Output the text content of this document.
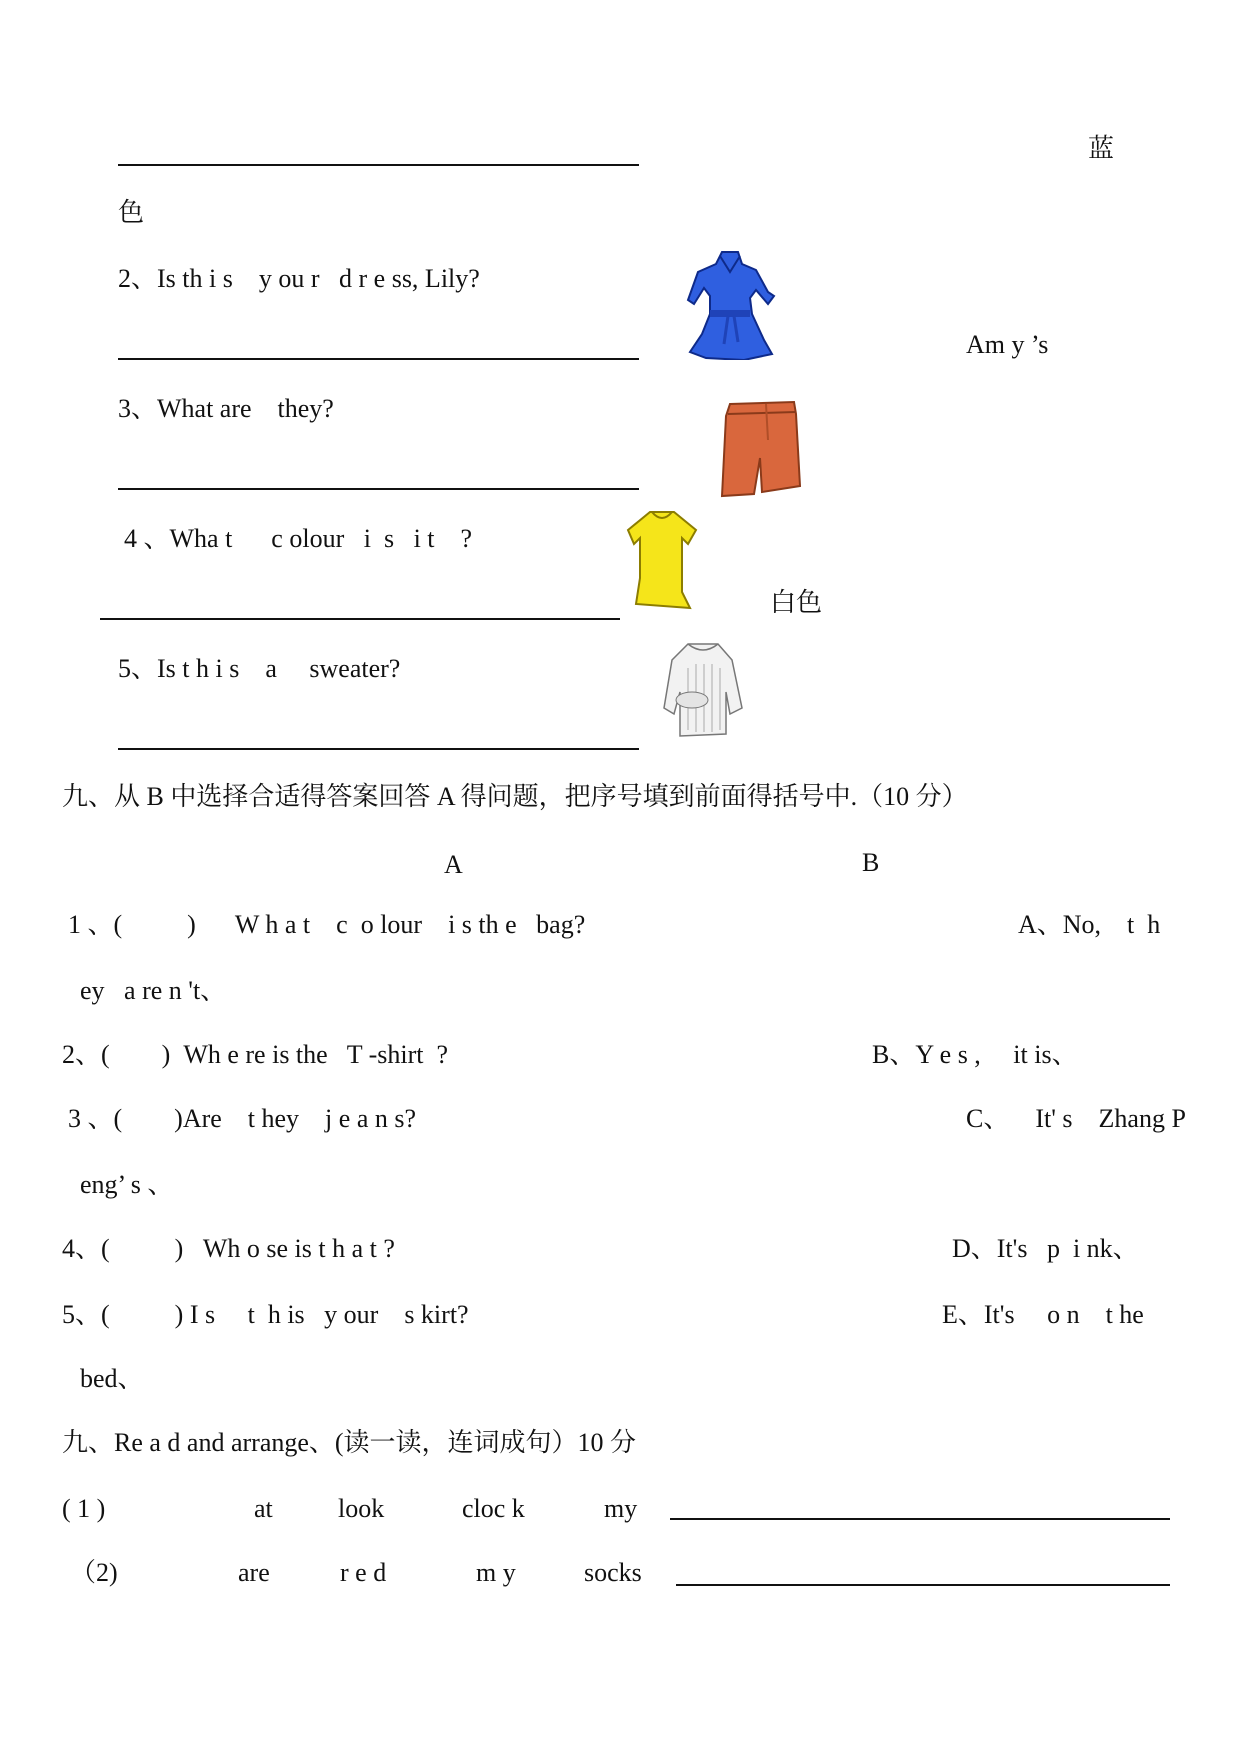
蓝
色
2、Is th i s    y ou r   d r e ss, Lily?
Am y ’s
3、What are    they?
4 、Wha t      c olour   i  s   i t    ?
白色
5、Is t h i s    a     sweater?
九、从 B 中选择合适得答案回答 A 得问题，把序号填到前面得括号中.（10 分）
A	B
1 、(          )      W h a t    c  o lour    i s th e   bag?	A、No,    t  h
ey   a re n 't、
2、(        )  Wh e re is the   T -shirt  ?	B、Y e s ,     it is、
3 、(        )Are    t hey    j e a n s?	C、    It' s    Zhang P
eng’ s 、
4、(          )   Wh o se is t h a t ?	D、It's   p  i nk、
5、(          ) I s     t  h is   y our    s kirt?	E、It's     o n    t he
bed、
九、Re a d and arrange、(读一读，连词成句）10 分
( 1 )	at	look	cloc k	my
（2)	are	r e d	m y	socks
